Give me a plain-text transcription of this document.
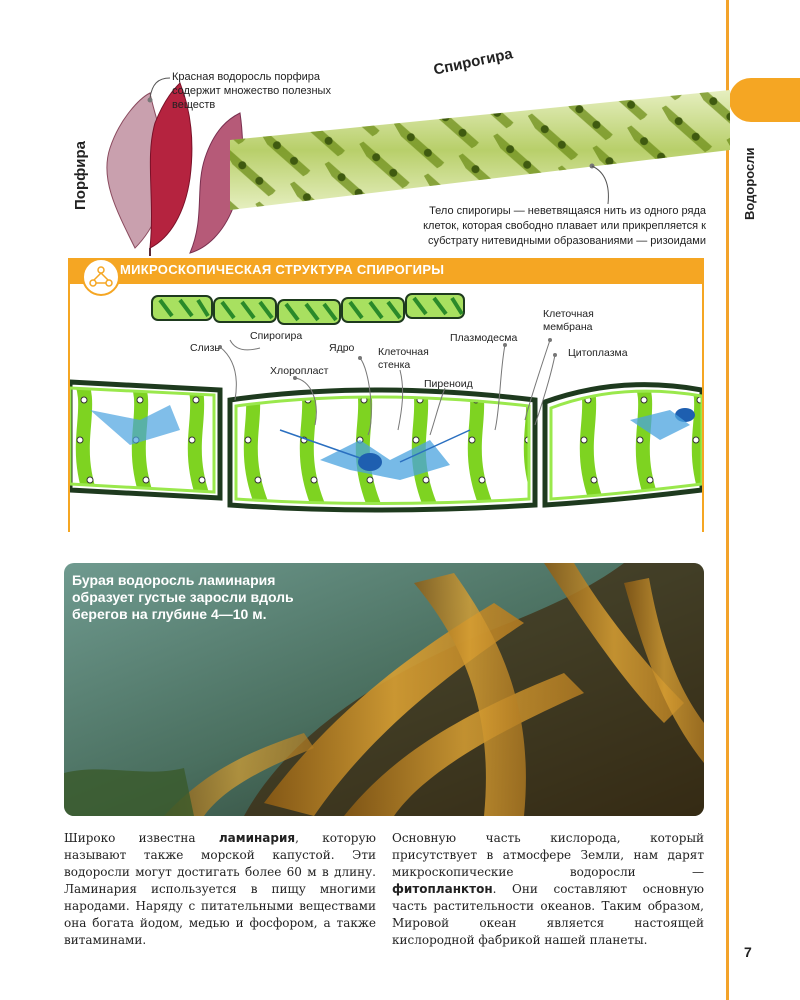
Водоросли
7
Порфира
Красная водоросль порфира содержит множество полезных веществ
Спирогира
Тело спирогиры — неветвящаяся нить из одного ряда клеток, которая свободно плавает или прикрепляется к субстрату нитевидными образованиями — ризоидами
МИКРОСКОПИЧЕСКАЯ СТРУКТУРА СПИРОГИРЫ
Спирогира
Слизь
Хлоропласт
Ядро Клеточная стенка
Пиреноид
Плазмодесма
Клеточная мембрана
Цитоплазма
Бурая водоросль ламинария образует густые заросли вдоль берегов на глубине 4—10 м.
Широко известна ламинария, которую называют также морской капустой. Эти водоросли могут достигать более 60 м в длину. Ламинария используется в пищу многими народами. Наряду с питательными веществами она богата йодом, медью и фосфором, а также витаминами.
Основную часть кислорода, который присутствует в атмосфере Земли, нам дарят микроскопические водоросли — фитопланктон. Они составляют основную часть растительности океанов. Таким образом, Мировой океан является настоящей кислородной фабрикой нашей планеты.
